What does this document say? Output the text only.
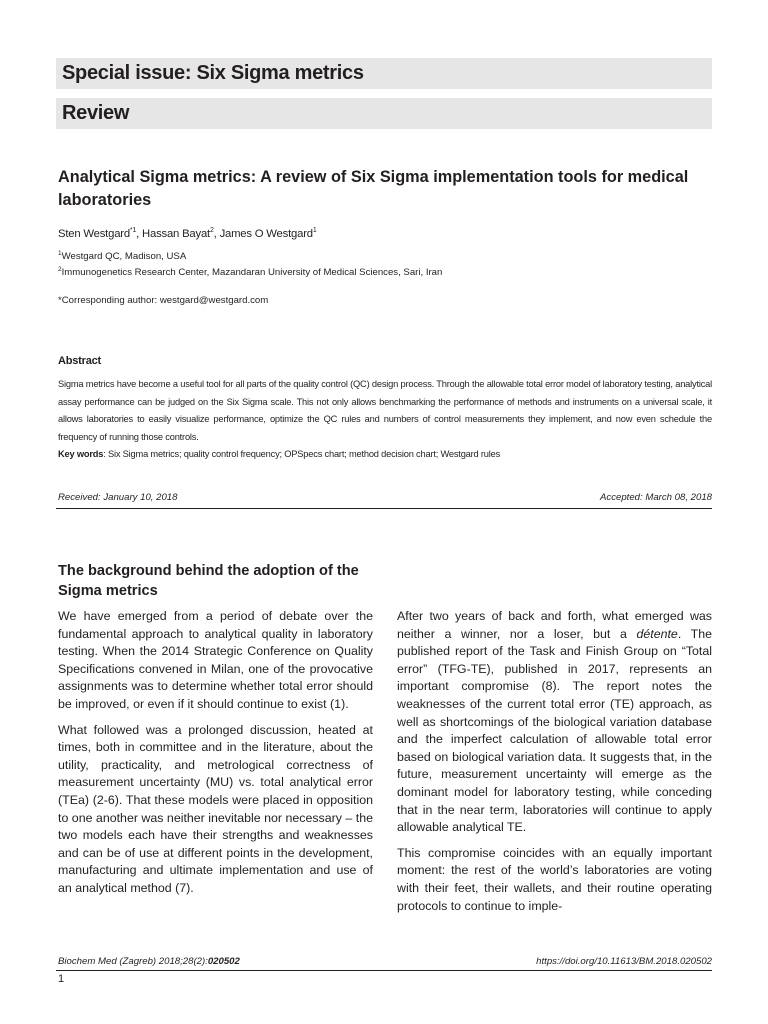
Special issue: Six Sigma metrics
Review
Analytical Sigma metrics: A review of Six Sigma implementation tools for medical laboratories
Sten Westgard$^{*1}$, Hassan Bayat$^2$, James O Westgard$^1$
$^1$Westgard QC, Madison, USA
$^2$Immunogenetics Research Center, Mazandaran University of Medical Sciences, Sari, Iran
*Corresponding author: westgard@westgard.com
Abstract

Sigma metrics have become a useful tool for all parts of the quality control (QC) design process. Through the allowable total error model of laboratory testing, analytical assay performance can be judged on the Six Sigma scale. This not only allows benchmarking the performance of methods and instruments on a universal scale, it allows laboratories to easily visualize performance, optimize the QC rules and numbers of control measurements they implement, and now even schedule the frequency of running those controls.

Key words: Six Sigma metrics; quality control frequency; OPSpecs chart; method decision chart; Westgard rules
Received: January 10, 2018	Accepted: March 08, 2018
The background behind the adoption of the Sigma metrics

We have emerged from a period of debate over the fundamental approach to analytical quality in laboratory testing. When the 2014 Strategic Conference on Quality Specifications convened in Milan, one of the provocative assignments was to determine whether total error should be improved, or even if it should continue to exist (1).

What followed was a prolonged discussion, heated at times, both in committee and in the literature, about the utility, practicality, and metrological correctness of measurement uncertainty (MU) vs. total analytical error (TEa) (2-6). That these models were placed in opposition to one another was neither inevitable nor necessary – the two models each have their strengths and weaknesses and can be of use at different points in the development, manufacturing and ultimate implementation and use of an analytical method (7).

After two years of back and forth, what emerged was neither a winner, nor a loser, but a détente. The published report of the Task and Finish Group on “Total error” (TFG-TE), published in 2017, represents an important compromise (8). The report notes the weaknesses of the current total error (TE) approach, as well as shortcomings of the biological variation database and the imperfect calculation of allowable total error based on biological variation data. It suggests that, in the future, measurement uncertainty will emerge as the dominant model for laboratory testing, while conceding that in the near term, laboratories will continue to apply allowable analytical TE.

This compromise coincides with an equally important moment: the rest of the world’s laboratories are voting with their feet, their wallets, and their routine operating protocols to continue to imple-

Biochem Med (Zagreb) 2018;28(2):020502	https://doi.org/10.11613/BM.2018.020502
1
